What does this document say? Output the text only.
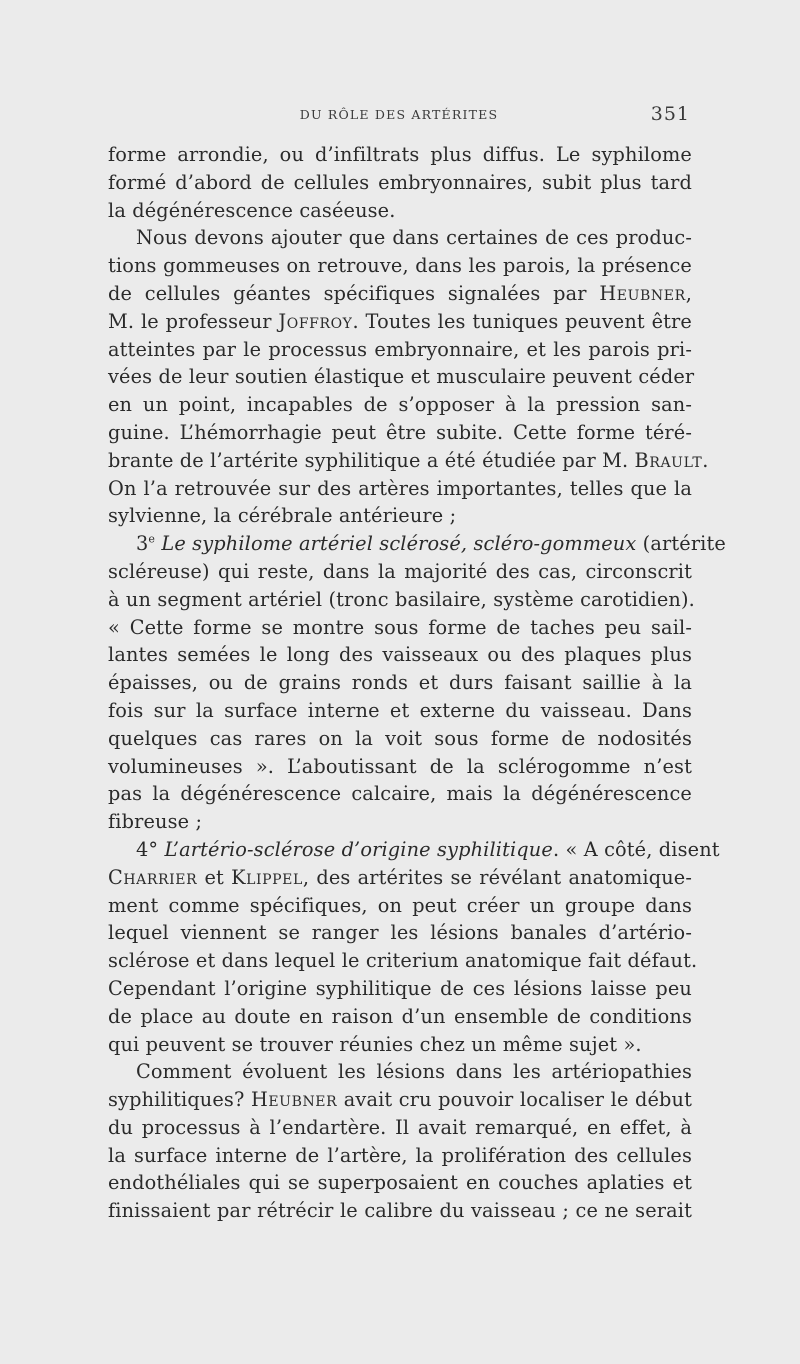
DU RÔLE DES ARTÉRITES	351
forme arrondie, ou d’infiltrats plus diffus. Le syphilome
formé d’abord de cellules embryonnaires, subit plus tard
la dégénérescence caséeuse.
Nous devons ajouter que dans certaines de ces produc-
tions gommeuses on retrouve, dans les parois, la présence
de cellules géantes spécifiques signalées par Heubner,
M. le professeur Joffroy. Toutes les tuniques peuvent être
atteintes par le processus embryonnaire, et les parois pri-
vées de leur soutien élastique et musculaire peuvent céder
en un point, incapables de s’opposer à la pression san-
guine. L’hémorrhagie peut être subite. Cette forme téré-
brante de l’artérite syphilitique a été étudiée par M. Brault.
On l’a retrouvée sur des artères importantes, telles que la
sylvienne, la cérébrale antérieure ;
3e Le syphilome artériel sclérosé, scléro-gommeux (artérite
scléreuse) qui reste, dans la majorité des cas, circonscrit
à un segment artériel (tronc basilaire, système carotidien).
« Cette forme se montre sous forme de taches peu sail-
lantes semées le long des vaisseaux ou des plaques plus
épaisses, ou de grains ronds et durs faisant saillie à la
fois sur la surface interne et externe du vaisseau. Dans
quelques cas rares on la voit sous forme de nodosités
volumineuses ». L’aboutissant de la sclérogomme n’est
pas la dégénérescence calcaire, mais la dégénérescence
fibreuse ;
4° L’artério-sclérose d’origine syphilitique. « A côté, disent
Charrier et Klippel, des artérites se révélant anatomique-
ment comme spécifiques, on peut créer un groupe dans
lequel viennent se ranger les lésions banales d’artério-
sclérose et dans lequel le criterium anatomique fait défaut.
Cependant l’origine syphilitique de ces lésions laisse peu
de place au doute en raison d’un ensemble de conditions
qui peuvent se trouver réunies chez un même sujet ».
Comment évoluent les lésions dans les artériopathies
syphilitiques? Heubner avait cru pouvoir localiser le début
du processus à l’endartère. Il avait remarqué, en effet, à
la surface interne de l’artère, la prolifération des cellules
endothéliales qui se superposaient en couches aplaties et
finissaient par rétrécir le calibre du vaisseau ; ce ne serait
